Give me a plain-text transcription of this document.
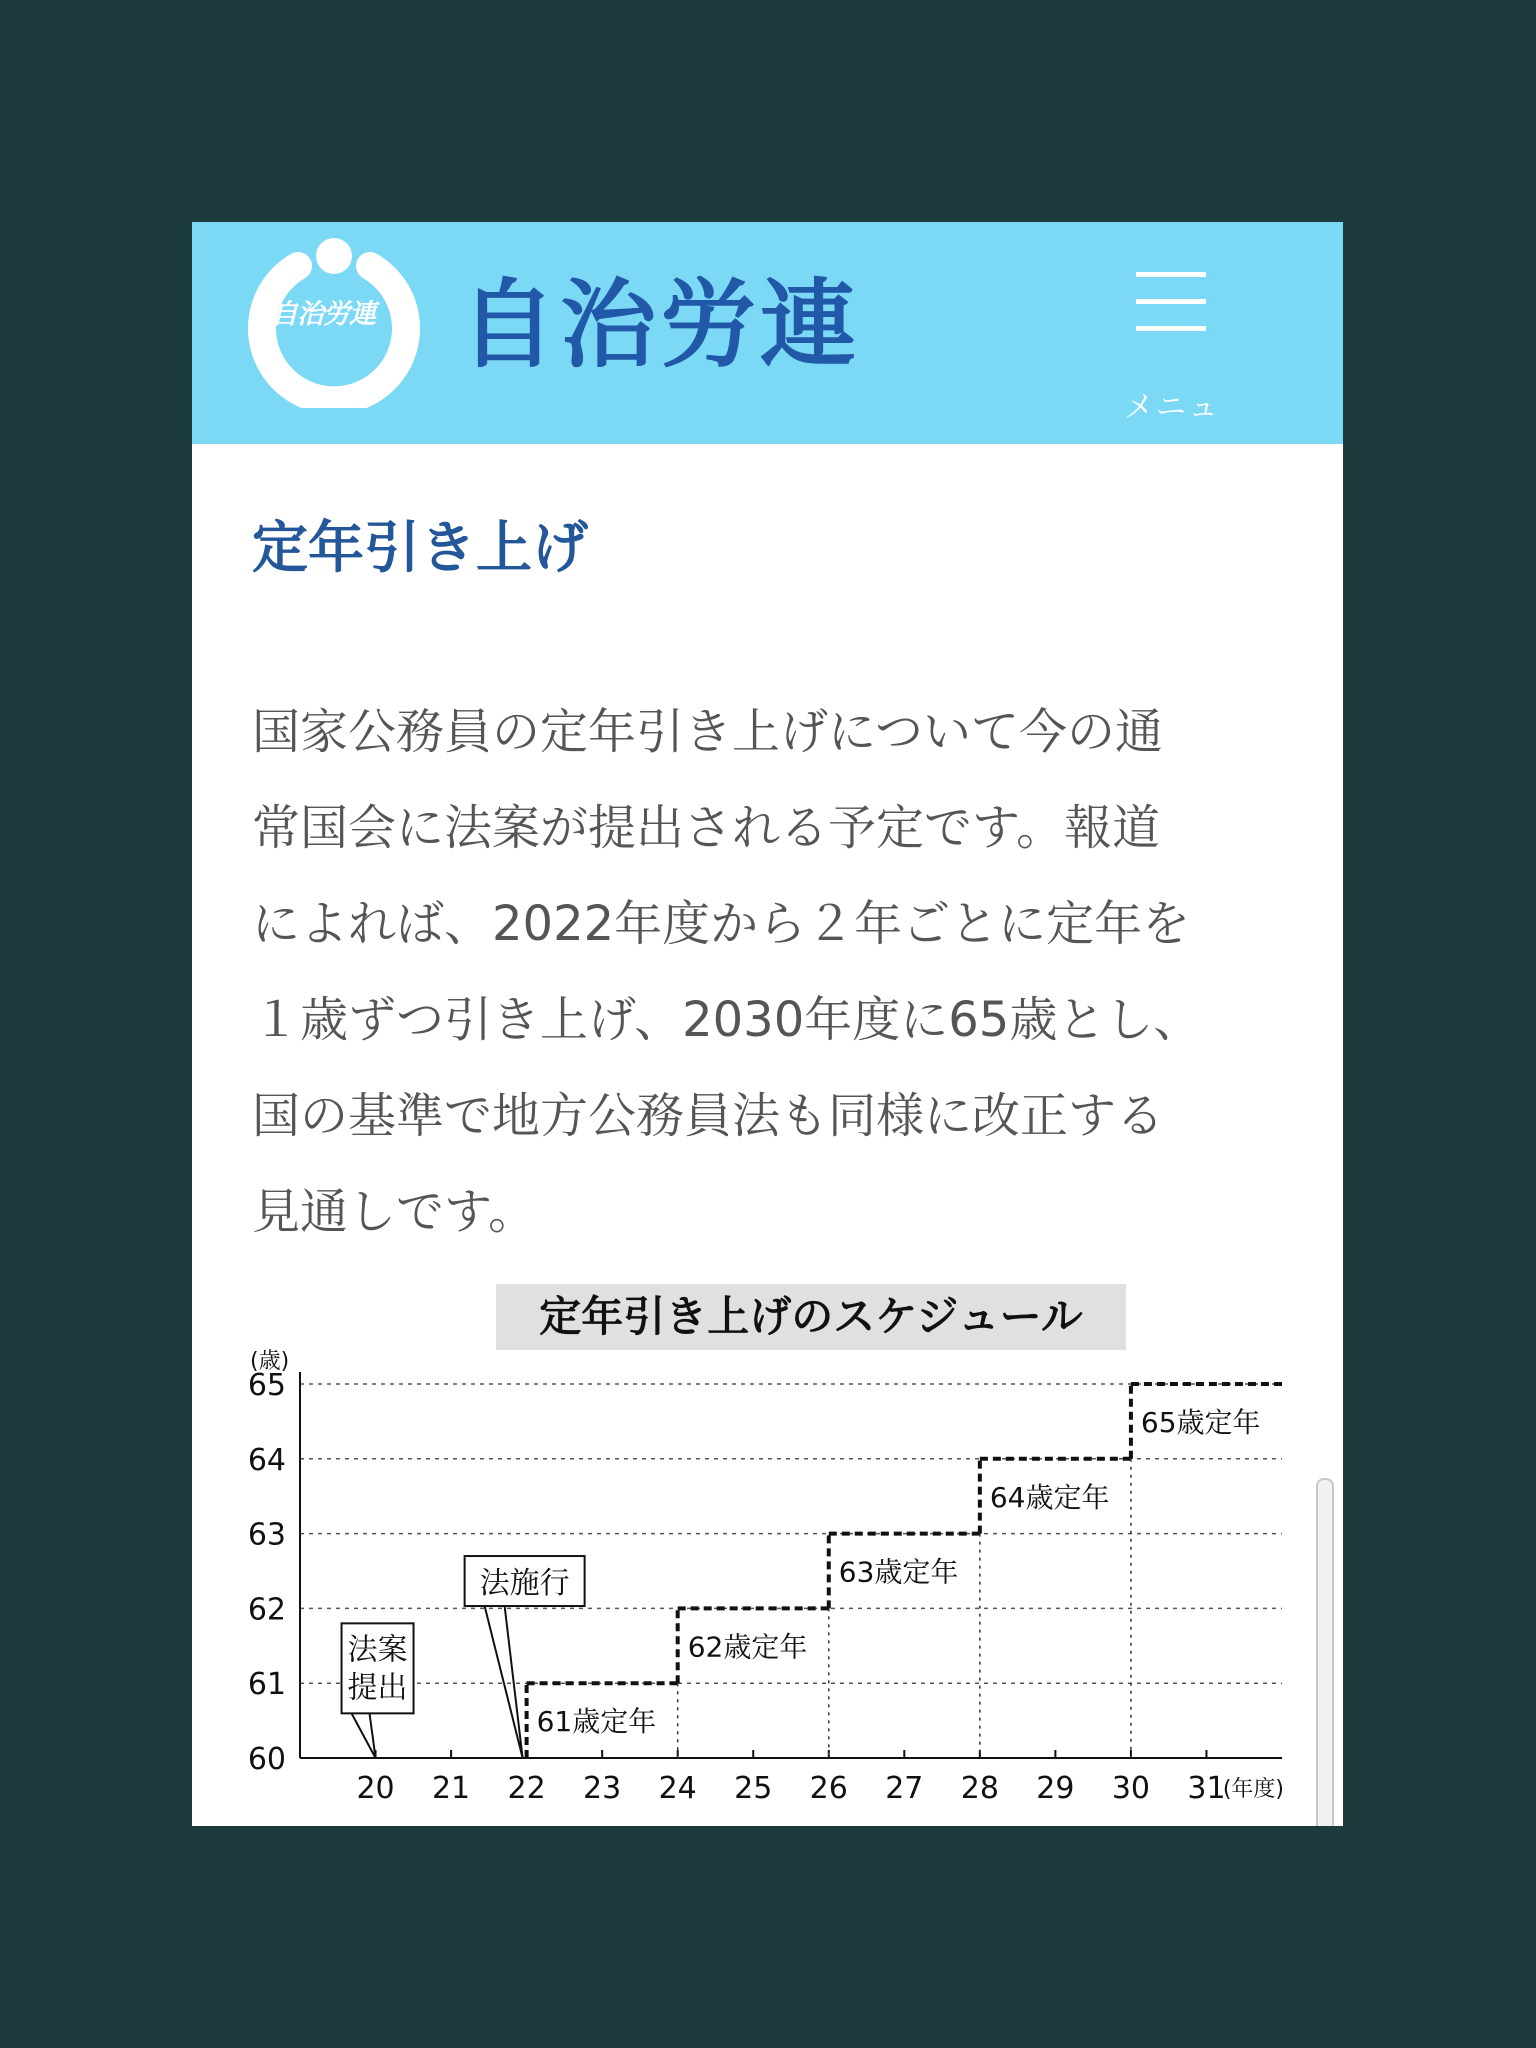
自治労連 自治労連
メニュー
定年引き上げ
国家公務員の定年引き上げについて今の通
常国会に法案が提出される予定です。報道
によれば、2022年度から２年ごとに定年を
１歳ずつ引き上げ、2030年度に65歳とし、
国の基準で地方公務員法も同様に改正する
見通しです。
定年引き上げのスケジュール
(歳)
60
61
62
63
64
65
20 21 22 23 24 25 26 27 28 29 30 31
(年度)
61歳定年
62歳定年
63歳定年
64歳定年
65歳定年
法案
提出
法施行
